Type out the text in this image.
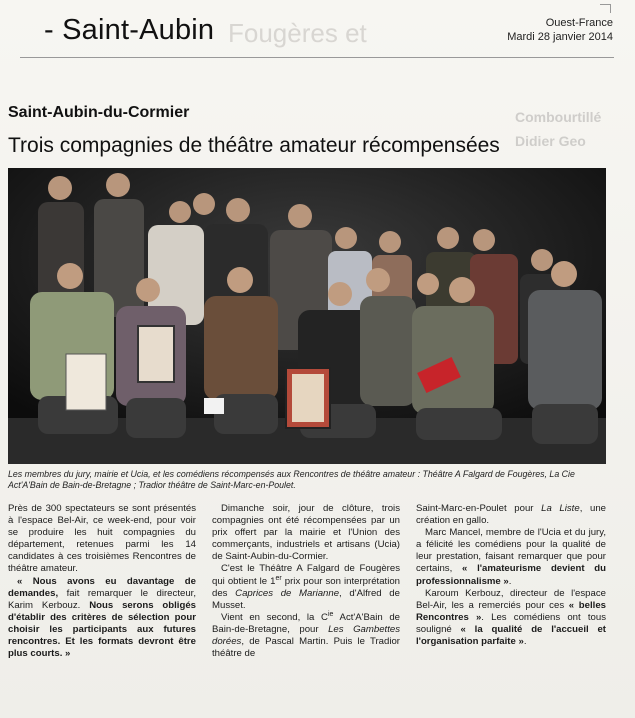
- Saint-Aubin Fougères et	Ouest-France
Mardi 28 janvier 2014
Combourtillé
Didier Geo
Saint-Aubin-du-Cormier
Trois compagnies de théâtre amateur récompensées
Les membres du jury, mairie et Ucia, et les comédiens récompensés aux Rencontres de théâtre amateur : Théâtre A Falgard de Fougères, La Cie Act'A'Bain de Bain-de-Bretagne ; Tradior théâtre de Saint-Marc-en-Poulet.

Près de 300 spectateurs se sont présentés à l'espace Bel-Air, ce week-end, pour voir se produire les huit compagnies du département, retenues parmi les 14 candidates à ces troisièmes Rencontres de théâtre amateur.

« Nous avons eu davantage de demandes, fait remarquer le directeur, Karim Kerbouz. Nous serons obligés d'établir des critères de sélection pour choisir les participants aux futures rencontres. Et les formats devront être plus courts. »

Dimanche soir, jour de clôture, trois compagnies ont été récompensées par un prix offert par la mairie et l'Union des commerçants, industriels et artisans (Ucia) de Saint-Aubin-du-Cormier.

C'est le Théâtre A Falgard de Fougères qui obtient le 1er prix pour son interprétation des Caprices de Marianne, d'Alfred de Musset.

Vient en second, la $C^{ie}$ Act'A'Bain de Bain-de-Bretagne, pour Les Gambettes dorées, de Pascal Martin. Puis le Tradior théâtre de

Saint-Marc-en-Poulet pour La Liste, une création en gallo.

Marc Mancel, membre de l'Ucia et du jury, a félicité les comédiens pour la qualité de leur prestation, faisant remarquer que pour certains, « l'amateurisme devient du professionnalisme ».

Karoum Kerbouz, directeur de l'espace Bel-Air, les a remerciés pour ces « belles Rencontres ». Les comédiens ont tous souligné « la qualité de l'accueil et l'organisation parfaite ».
